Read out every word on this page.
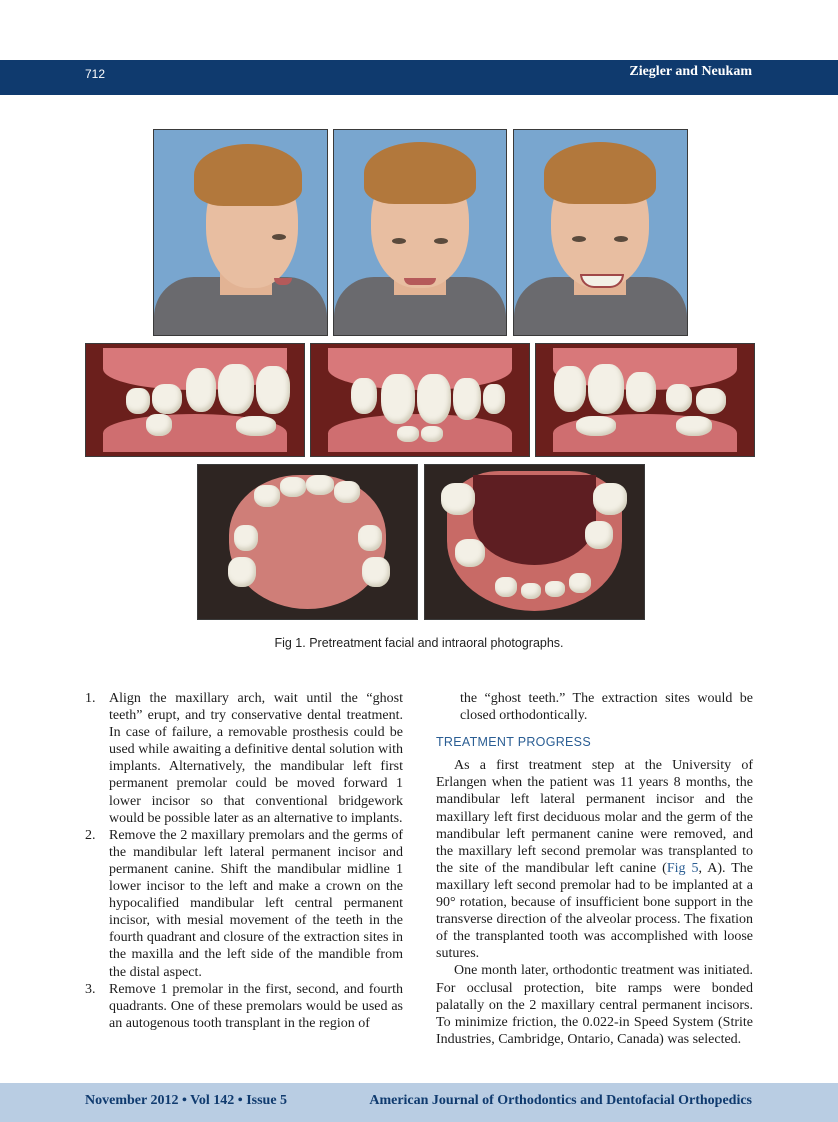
712	Ziegler and Neukam
Fig 1. Pretreatment facial and intraoral photographs.
1. Align the maxillary arch, wait until the “ghost teeth” erupt, and try conservative dental treatment. In case of failure, a removable prosthesis could be used while awaiting a definitive dental solution with implants. Alternatively, the mandibular left first permanent premolar could be moved forward 1 lower incisor so that conventional bridgework would be possible later as an alternative to implants.
2. Remove the 2 maxillary premolars and the germs of the mandibular left lateral permanent incisor and permanent canine. Shift the mandibular midline 1 lower incisor to the left and make a crown on the hypocalified mandibular left central permanent incisor, with mesial movement of the teeth in the fourth quadrant and closure of the extraction sites in the maxilla and the left side of the mandible from the distal aspect.
3. Remove 1 premolar in the first, second, and fourth quadrants. One of these premolars would be used as an autogenous tooth transplant in the region of

the “ghost teeth.” The extraction sites would be closed orthodontically.

TREATMENT PROGRESS

As a first treatment step at the University of Erlangen when the patient was 11 years 8 months, the mandibular left lateral permanent incisor and the maxillary left first deciduous molar and the germ of the mandibular left permanent canine were removed, and the maxillary left second premolar was transplanted to the site of the mandibular left canine (Fig 5, A). The maxillary left second premolar had to be implanted at a 90° rotation, because of insufficient bone support in the transverse direction of the alveolar process. The fixation of the transplanted tooth was accomplished with loose sutures.

One month later, orthodontic treatment was initiated. For occlusal protection, bite ramps were bonded palatally on the 2 maxillary central permanent incisors. To minimize friction, the 0.022-in Speed System (Strite Industries, Cambridge, Ontario, Canada) was selected.

November 2012 • Vol 142 • Issue 5	American Journal of Orthodontics and Dentofacial Orthopedics
